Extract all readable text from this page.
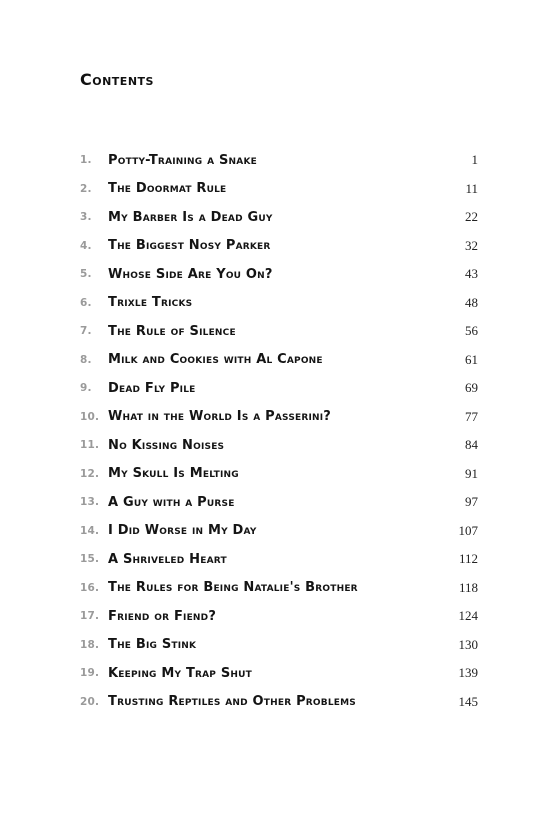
Contents
1.	Potty-Training a Snake	1
2.	The Doormat Rule	11
3.	My Barber Is a Dead Guy	22
4.	The Biggest Nosy Parker	32
5.	Whose Side Are You On?	43
6.	Trixle Tricks	48
7.	The Rule of Silence	56
8.	Milk and Cookies with Al Capone	61
9.	Dead Fly Pile	69
10. What in the World Is a Passerini?	77
11. No Kissing Noises	84
12. My Skull Is Melting	91
13. A Guy with a Purse	97
14. I Did Worse in My Day	107
15. A Shriveled Heart	112
16. The Rules for Being Natalie's Brother	118
17. Friend or Fiend?	124
18. The Big Stink	130
19. Keeping My Trap Shut	139
20. Trusting Reptiles and Other Problems	145
